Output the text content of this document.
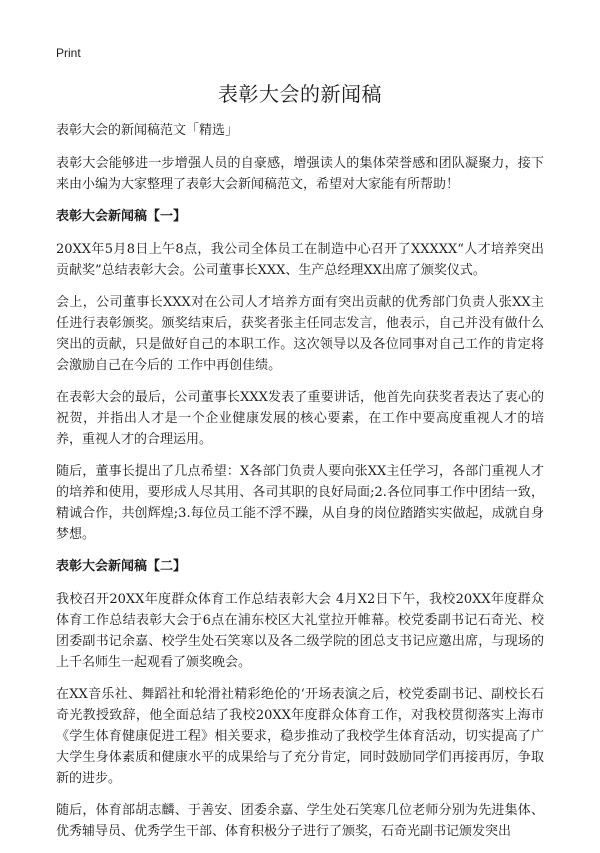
Print
表彰大会的新闻稿

表彰大会的新闻稿范文「精选」

表彰大会能够进一步增强人员的自豪感，增强读人的集体荣誉感和团队凝聚力，接下来由小编为大家整理了表彰大会新闻稿范文，希望对大家能有所帮助！

表彰大会新闻稿【一】

20XX年5月8日上午8点，我公司全体员工在制造中心召开了XXXXX“人才培养突出贡献奖”总结表彰大会。公司董事长XXX、生产总经理XX出席了颁奖仪式。

会上，公司董事长XXX对在公司人才培养方面有突出贡献的优秀部门负责人张XX主任进行表彰颁奖。颁奖结束后，获奖者张主任同志发言，他表示，自己并没有做什么突出的贡献，只是做好自己的本职工作。这次领导以及各位同事对自己工作的肯定将会激励自己在今后的 工作中再创佳绩。

在表彰大会的最后，公司董事长XXX发表了重要讲话，他首先向获奖者表达了衷心的祝贺，并指出人才是一个企业健康发展的核心要素，在工作中要高度重视人才的培养，重视人才的合理运用。

随后，董事长提出了几点希望：X各部门负责人要向张XX主任学习，各部门重视人才的培养和使用，要形成人尽其用、各司其职的良好局面;2.各位同事工作中团结一致，精诚合作，共创辉煌;3.每位员工能不浮不躁，从自身的岗位踏踏实实做起，成就自身梦想。

表彰大会新闻稿【二】

我校召开20XX年度群众体育工作总结表彰大会 4月X2日下午，我校20XX年度群众体育工作总结表彰大会于6点在浦东校区大礼堂拉开帷幕。校党委副书记石奇光、校团委副书记余嘉、校学生处石笑寒以及各二级学院的团总支书记应邀出席，与现场的上千名师生一起观看了颁奖晚会。

在XX音乐社、舞蹈社和轮滑社精彩绝伦的‘开场表演之后，校党委副书记、副校长石奇光教授致辞，他全面总结了我校20XX年度群众体育工作，对我校贯彻落实上海市《学生体育健康促进工程》相关要求，稳步推动了我校学生体育活动，切实提高了广大学生身体素质和健康水平的成果给与了充分肯定，同时鼓励同学们再接再厉，争取新的进步。

随后，体育部胡志麟、于善安、团委余嘉、学生处石笑寒几位老师分别为先进集体、优秀辅导员、优秀学生干部、体育积极分子进行了颁奖，石奇光副书记颁发突出
